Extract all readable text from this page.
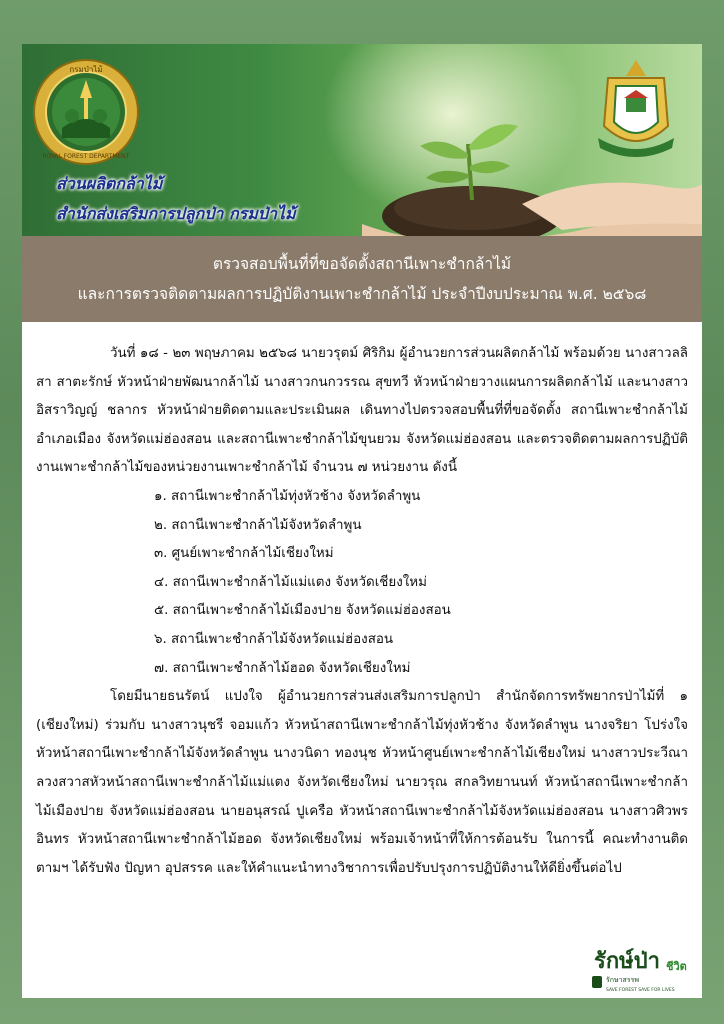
กรมป่าไม้
ROYAL FOREST DEPARTMENT
ส่วนผลิตกล้าไม้
สำนักส่งเสริมการปลูกป่า กรมป่าไม้
ตรวจสอบพื้นที่ที่ขอจัดตั้งสถานีเพาะชำกล้าไม้
และการตรวจติดตามผลการปฏิบัติงานเพาะชำกล้าไม้ ประจำปีงบประมาณ พ.ศ. ๒๕๖๘

วันที่ ๑๘ - ๒๓ พฤษภาคม ๒๕๖๘ นายวรุตม์ ศิริกิม ผู้อำนวยการส่วนผลิตกล้าไม้ พร้อมด้วย นางสาวลลิสา สาตะรักษ์ หัวหน้าฝ่ายพัฒนากล้าไม้ นางสาวกนกวรรณ สุขทวี หัวหน้าฝ่ายวางแผนการผลิตกล้าไม้ และนางสาวอิสราวิญญ์ ชลากร หัวหน้าฝ่ายติดตามและประเมินผล เดินทางไปตรวจสอบพื้นที่ที่ขอจัดตั้ง สถานีเพาะชำกล้าไม้อำเภอเมือง จังหวัดแม่ฮ่องสอน และสถานีเพาะชำกล้าไม้ขุนยวม จังหวัดแม่ฮ่องสอน และตรวจติดตามผลการปฏิบัติงานเพาะชำกล้าไม้ของหน่วยงานเพาะชำกล้าไม้ จำนวน ๗ หน่วยงาน ดังนี้

๑. สถานีเพาะชำกล้าไม้ทุ่งหัวช้าง จังหวัดลำพูน
๒. สถานีเพาะชำกล้าไม้จังหวัดลำพูน
๓. ศูนย์เพาะชำกล้าไม้เชียงใหม่
๔. สถานีเพาะชำกล้าไม้แม่แตง จังหวัดเชียงใหม่
๕. สถานีเพาะชำกล้าไม้เมืองปาย จังหวัดแม่ฮ่องสอน
๖. สถานีเพาะชำกล้าไม้จังหวัดแม่ฮ่องสอน
๗. สถานีเพาะชำกล้าไม้ฮอด จังหวัดเชียงใหม่

โดยมีนายธนรัตน์ แปงใจ ผู้อำนวยการส่วนส่งเสริมการปลูกป่า สำนักจัดการทรัพยากรป่าไม้ที่ ๑ (เชียงใหม่) ร่วมกับ นางสาวนุชรี จอมแก้ว หัวหน้าสถานีเพาะชำกล้าไม้ทุ่งหัวช้าง จังหวัดลำพูน นางจริยา โปร่งใจ หัวหน้าสถานีเพาะชำกล้าไม้จังหวัดลำพูน นางวนิดา ทองนุช หัวหน้าศูนย์เพาะชำกล้าไม้เชียงใหม่ นางสาวประวีณา ลวงสวาสหัวหน้าสถานีเพาะชำกล้าไม้แม่แตง จังหวัดเชียงใหม่ นายวรุณ สกลวิทยานนท์ หัวหน้าสถานีเพาะชำกล้าไม้เมืองปาย จังหวัดแม่ฮ่องสอน นายอนุสรณ์ ปูเครือ หัวหน้าสถานีเพาะชำกล้าไม้จังหวัดแม่ฮ่องสอน นางสาวศิวพร อินทร หัวหน้าสถานีเพาะชำกล้าไม้ฮอด จังหวัดเชียงใหม่ พร้อมเจ้าหน้าที่ให้การต้อนรับ ในการนี้ คณะทำงานติดตามฯ ได้รับฟัง ปัญหา อุปสรรค และให้คำแนะนำทางวิชาการเพื่อปรับปรุงการปฏิบัติงานให้ดียิ่งขึ้นต่อไป

รักษ์ป่า ชีวิต
รักษาสรรพ
SAVE FOREST SAVE FOR LIVES
